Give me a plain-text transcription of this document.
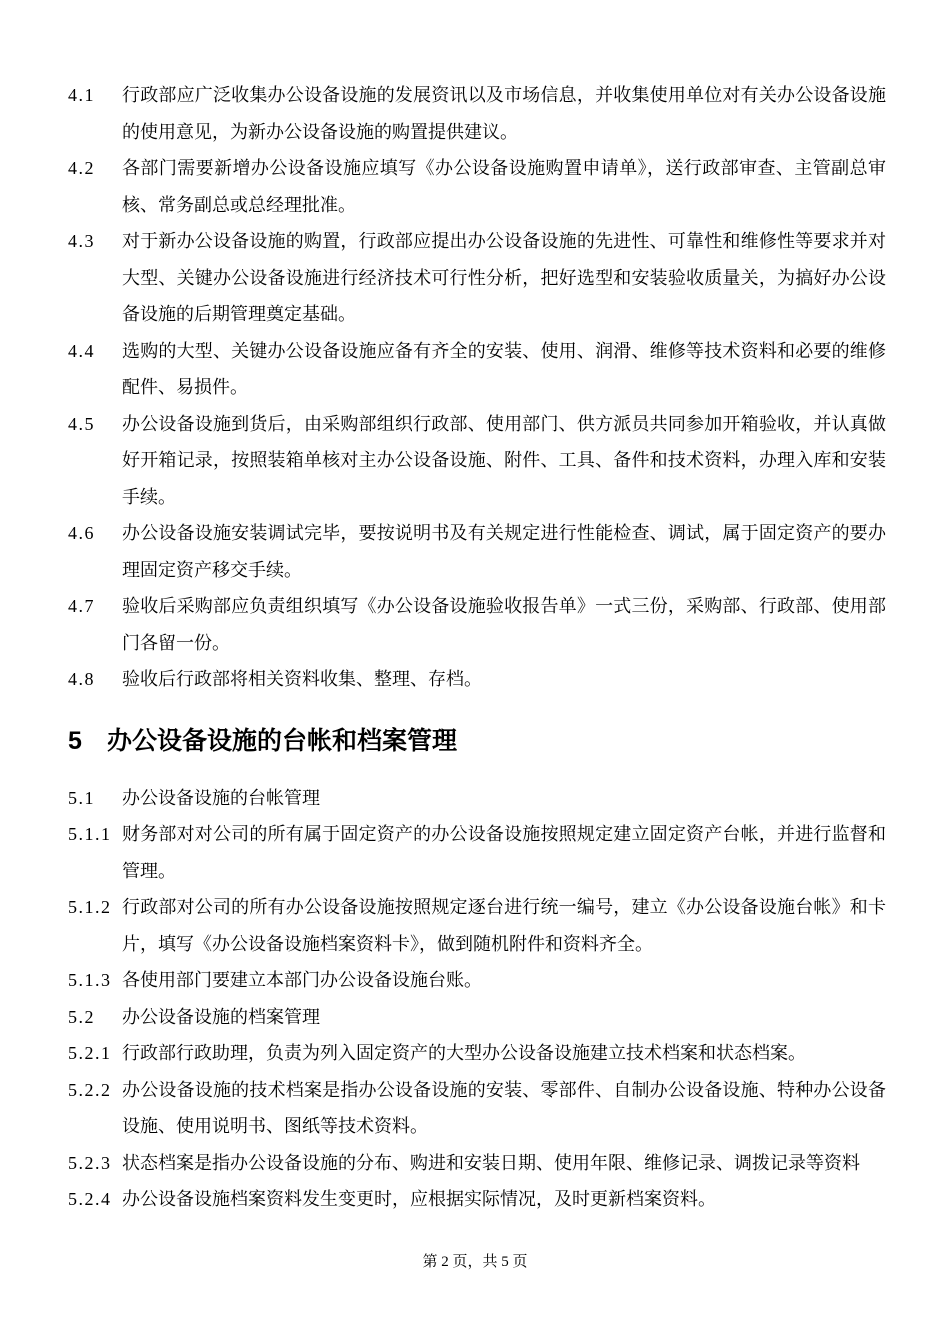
4.1	行政部应广泛收集办公设备设施的发展资讯以及市场信息，并收集使用单位对有关办公设备设施的使用意见，为新办公设备设施的购置提供建议。
4.2	各部门需要新增办公设备设施应填写《办公设备设施购置申请单》，送行政部审查、主管副总审核、常务副总或总经理批准。
4.3	对于新办公设备设施的购置，行政部应提出办公设备设施的先进性、可靠性和维修性等要求并对大型、关键办公设备设施进行经济技术可行性分析，把好选型和安装验收质量关，为搞好办公设备设施的后期管理奠定基础。
4.4	选购的大型、关键办公设备设施应备有齐全的安装、使用、润滑、维修等技术资料和必要的维修配件、易损件。
4.5	办公设备设施到货后，由采购部组织行政部、使用部门、供方派员共同参加开箱验收，并认真做好开箱记录，按照装箱单核对主办公设备设施、附件、工具、备件和技术资料，办理入库和安装手续。
4.6	办公设备设施安装调试完毕，要按说明书及有关规定进行性能检查、调试，属于固定资产的要办理固定资产移交手续。
4.7	验收后采购部应负责组织填写《办公设备设施验收报告单》一式三份，采购部、行政部、使用部门各留一份。
4.8	验收后行政部将相关资料收集、整理、存档。
5	办公设备设施的台帐和档案管理
5.1	办公设备设施的台帐管理
5.1.1 财务部对对公司的所有属于固定资产的办公设备设施按照规定建立固定资产台帐，并进行监督和管理。
5.1.2 行政部对公司的所有办公设备设施按照规定逐台进行统一编号，建立《办公设备设施台帐》和卡片，填写《办公设备设施档案资料卡》，做到随机附件和资料齐全。
5.1.3 各使用部门要建立本部门办公设备设施台账。
5.2	办公设备设施的档案管理
5.2.1 行政部行政助理，负责为列入固定资产的大型办公设备设施建立技术档案和状态档案。
5.2.2 办公设备设施的技术档案是指办公设备设施的安装、零部件、自制办公设备设施、特种办公设备设施、使用说明书、图纸等技术资料。
5.2.3 状态档案是指办公设备设施的分布、购进和安装日期、使用年限、维修记录、调拨记录等资料
5.2.4 办公设备设施档案资料发生变更时，应根据实际情况，及时更新档案资料。
第 2 页，共 5 页
